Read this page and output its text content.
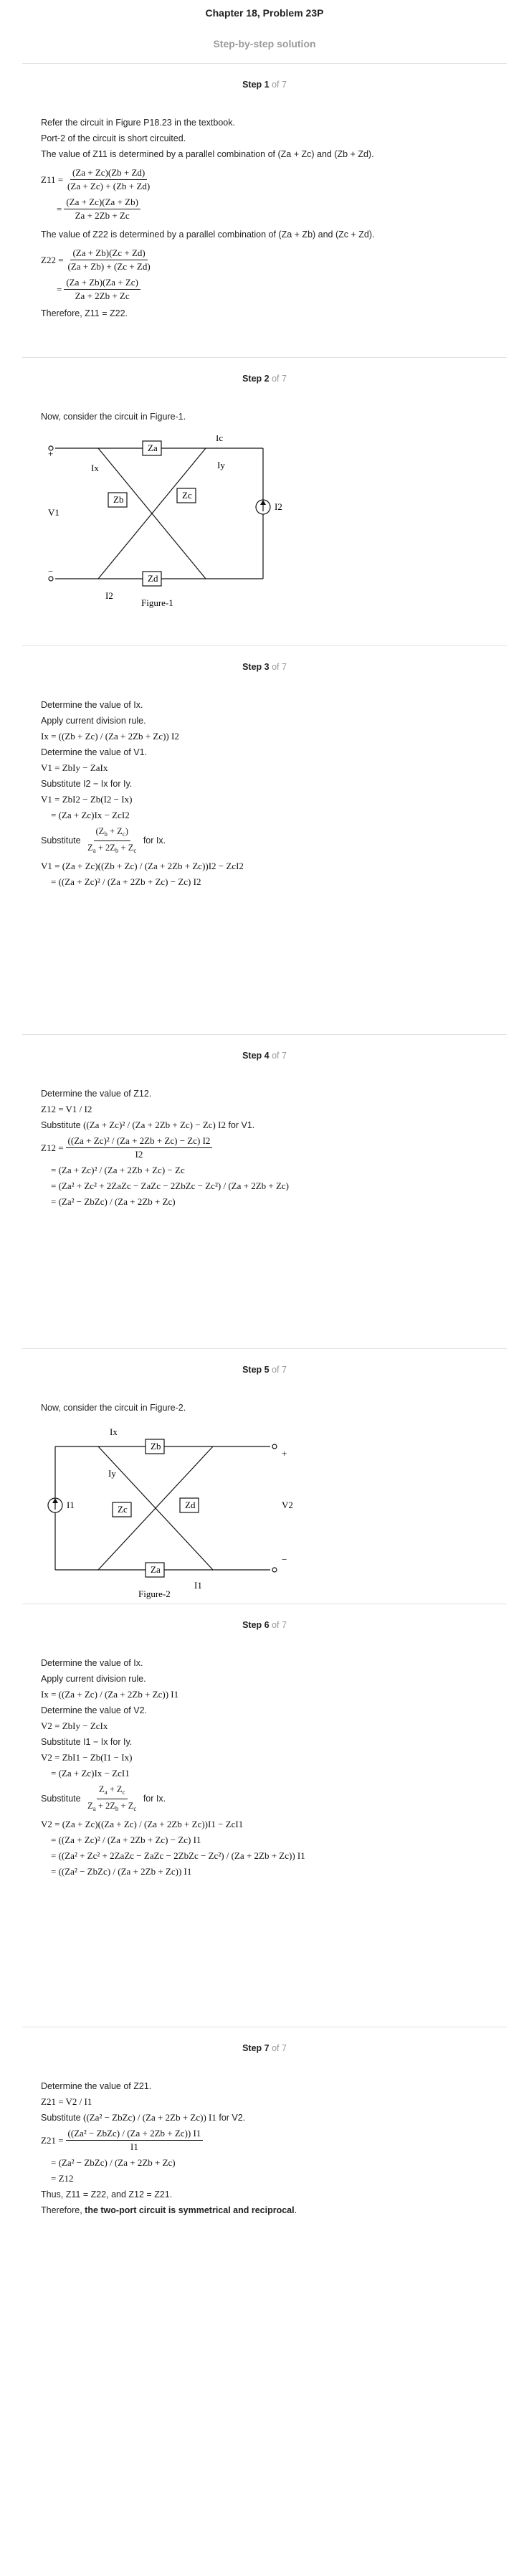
Chapter 18, Problem 23P
Step-by-step solution
Step 1 of 7
Refer the circuit in Figure P18.23 in the textbook.
Port-2 of the circuit is short circuited.
The value of Z11 is determined by a parallel combination of (Za + Zc) and (Zb + Zd).
$Z11 = \frac{(Za + Zc)(Zb + Zd)}{(Za + Zc) + (Zb + Zd)}$
= $\frac{(Za + Zc)(Za + Zb)}{Za + 2Zb + Zc}$
The value of Z22 is determined by a parallel combination of (Za + Zb) and (Zc + Zd).
$Z22 = \frac{(Za + Zb)(Zc + Zd)}{(Za + Zb) + (Zc + Zd)}$
= $\frac{(Za + Zb)(Za + Zc)}{Za + 2Zb + Zc}$
Therefore, Z11 = Z22.
Step 2 of 7
Now, consider the circuit in Figure-1.
Za
Zb	Zc
Zd
Ix	Iy
I2
V1
+
−
Ic
I2
Figure-1
Step 3 of 7
Determine the value of Ix.
Apply current division rule.
Ix = ((Zb + Zc) / (Za + 2Zb + Zc)) I2
Determine the value of V1.
V1 = ZbIy − ZaIx
Substitute I2 − Ix for Iy.
V1 = ZbI2 − Zb(I2 − Ix)
= (Za + Zc)Ix − ZcI2
Substitute $\frac{(Z_b + Z_c)}{Z_a + 2Z_b + Z_c}$ for Ix.
V1 = (Za + Zc)((Zb + Zc) / (Za + 2Zb + Zc))I2 − ZcI2
= ((Za + Zc)² / (Za + 2Zb + Zc) − Zc) I2
Step 4 of 7
Determine the value of Z12.
Z12 = V1 / I2
Substitute ((Za + Zc)² / (Za + 2Zb + Zc) − Zc) I2 for V1.
$Z12 = \frac{\text{((Za + Zc)² / (Za + 2Zb + Zc) − Zc) I2}}{I2}$
= (Za + Zc)² / (Za + 2Zb + Zc) − Zc
= (Za² + Zc² + 2ZaZc − ZaZc − 2ZbZc − Zc²) / (Za + 2Zb + Zc)
= (Za² − ZbZc) / (Za + 2Zb + Zc)
Step 5 of 7
Now, consider the circuit in Figure-2.
Ix
Iy
Zb
Zc	Zd
Za
I1	V2
+
−
I1
Figure-2
Step 6 of 7
Determine the value of Ix.
Apply current division rule.
Ix = ((Za + Zc) / (Za + 2Zb + Zc)) I1
Determine the value of V2.
V2 = ZbIy − ZcIx
Substitute I1 − Ix for Iy.
V2 = ZbI1 − Zb(I1 − Ix)
= (Za + Zc)Ix − ZcI1
Substitute $\frac{Z_a + Z_c}{Z_a + 2Z_b + Z_c}$ for Ix.
V2 = (Za + Zc)((Za + Zc) / (Za + 2Zb + Zc))I1 − ZcI1
= ((Za + Zc)² / (Za + 2Zb + Zc) − Zc) I1
= ((Za² + Zc² + 2ZaZc − ZaZc − 2ZbZc − Zc²) / (Za + 2Zb + Zc)) I1
= ((Za² − ZbZc) / (Za + 2Zb + Zc)) I1
Step 7 of 7
Determine the value of Z21.
Z21 = V2 / I1
Substitute ((Za² − ZbZc) / (Za + 2Zb + Zc)) I1 for V2.
$Z21 = \frac{\text{((Za² − ZbZc) / (Za + 2Zb + Zc)) I1}}{I1}$
= (Za² − ZbZc) / (Za + 2Zb + Zc)
= Z12
Thus, Z11 = Z22, and Z12 = Z21.
Therefore, the two-port circuit is symmetrical and reciprocal.
